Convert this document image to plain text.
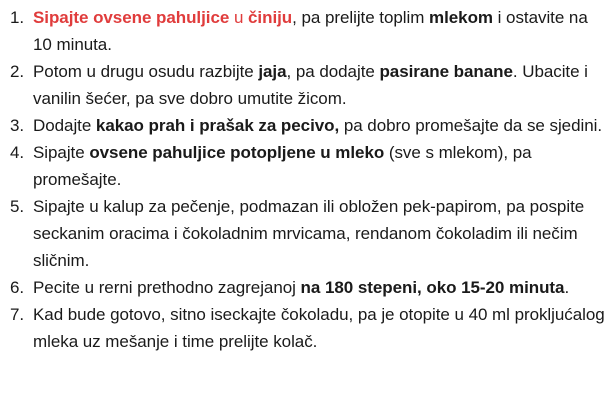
1. Sipajte ovsene pahuljice u činiju, pa prelijte toplim mlekom i ostavite na 10 minuta.
2. Potom u drugu osudu razbijte jaja, pa dodajte pasirane banane. Ubacite i vanilin šećer, pa sve dobro umutite žicom.
3. Dodajte kakao prah i prašak za pecivo, pa dobro promešajte da se sjedini.
4. Sipajte ovsene pahuljice potopljene u mleko (sve s mlekom), pa promešajte.
5. Sipajte u kalup za pečenje, podmazan ili obložen pek-papirom, pa pospite seckanim oracima i čokoladnim mrvicama, rendanom čokoladim ili nečim sličnim.
6. Pecite u rerni prethodno zagrejanoj na 180 stepeni, oko 15-20 minuta.
7. Kad bude gotovo, sitno iseckajte čokoladu, pa je otopite u 40 ml prokljućalog mleka uz mešanje i time prelijte kolač.
